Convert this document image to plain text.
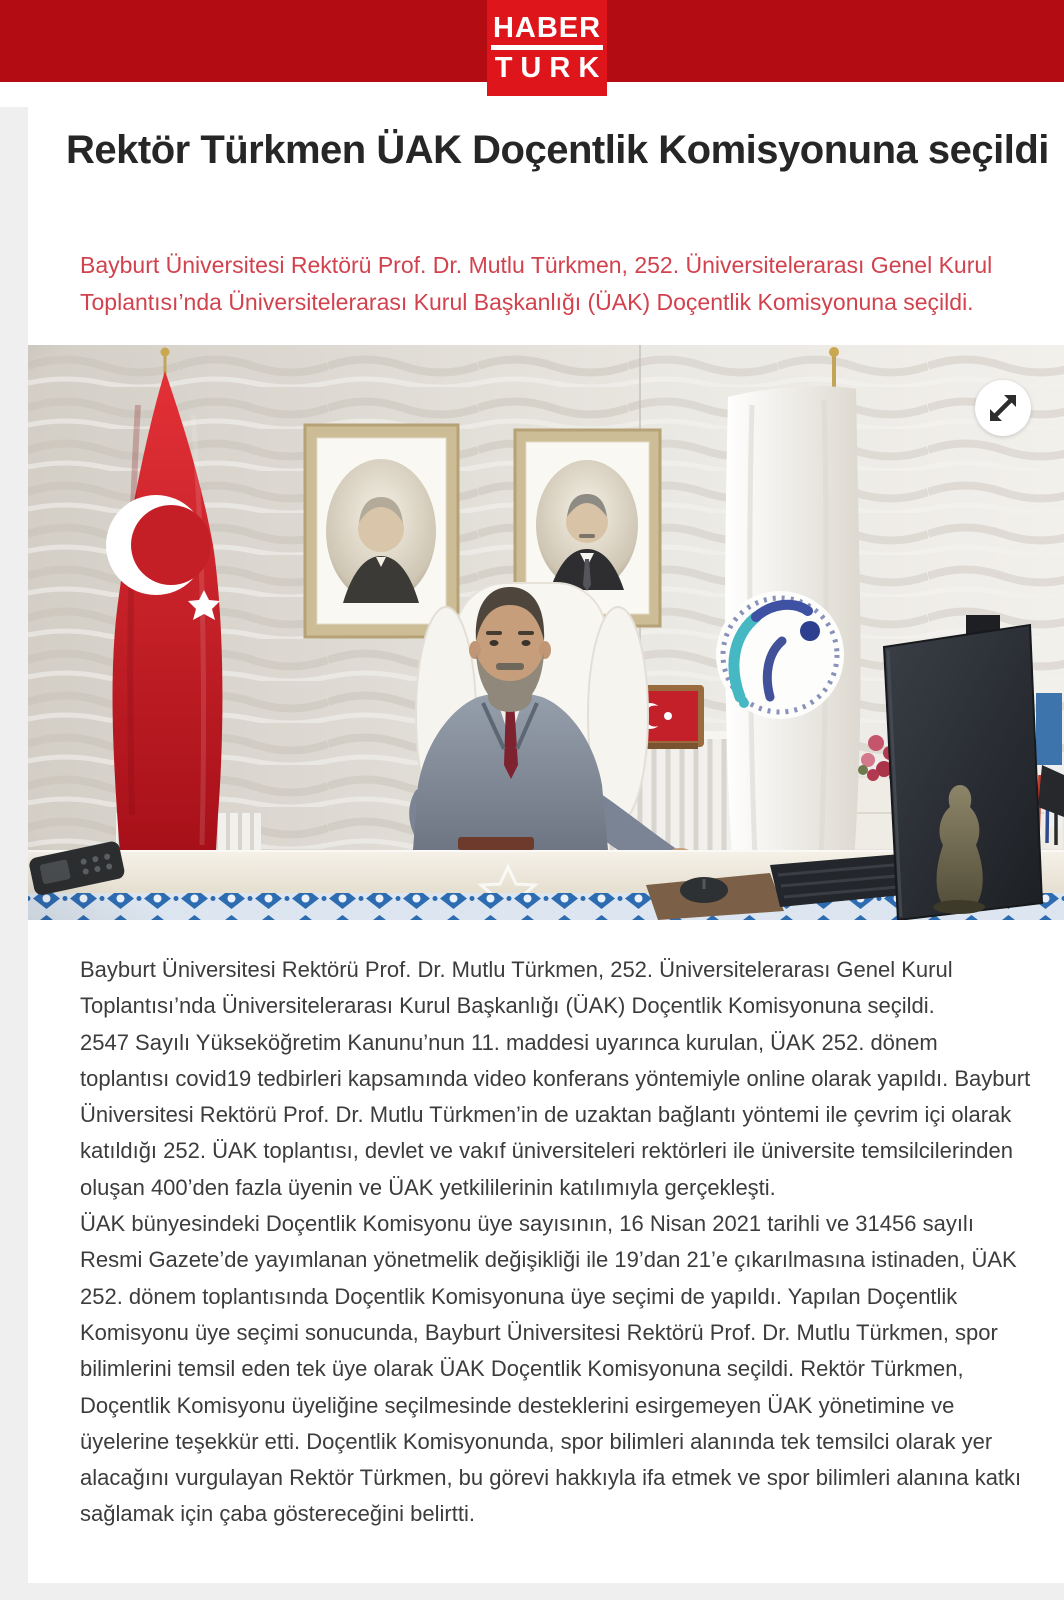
HABER
TURK
Rektör Türkmen ÜAK Doçentlik Komisyonuna seçildi

Bayburt Üniversitesi Rektörü Prof. Dr. Mutlu Türkmen, 252. Üniversitelerarası Genel Kurul Toplantısı’nda Üniversitelerarası Kurul Başkanlığı (ÜAK) Doçentlik Komisyonuna seçildi.

Bayburt Üniversitesi Rektörü Prof. Dr. Mutlu Türkmen, 252. Üniversitelerarası Genel Kurul Toplantısı’nda Üniversitelerarası Kurul Başkanlığı (ÜAK) Doçentlik Komisyonuna seçildi.

2547 Sayılı Yükseköğretim Kanunu’nun 11. maddesi uyarınca kurulan, ÜAK 252. dönem toplantısı covid19 tedbirleri kapsamında video konferans yöntemiyle online olarak yapıldı. Bayburt Üniversitesi Rektörü Prof. Dr. Mutlu Türkmen’in de uzaktan bağlantı yöntemi ile çevrim içi olarak katıldığı 252. ÜAK toplantısı, devlet ve vakıf üniversiteleri rektörleri ile üniversite temsilcilerinden oluşan 400’den fazla üyenin ve ÜAK yetkililerinin katılımıyla gerçekleşti.

ÜAK bünyesindeki Doçentlik Komisyonu üye sayısının, 16 Nisan 2021 tarihli ve 31456 sayılı Resmi Gazete’de yayımlanan yönetmelik değişikliği ile 19’dan 21’e çıkarılmasına istinaden, ÜAK 252. dönem toplantısında Doçentlik Komisyonuna üye seçimi de yapıldı. Yapılan Doçentlik Komisyonu üye seçimi sonucunda, Bayburt Üniversitesi Rektörü Prof. Dr. Mutlu Türkmen, spor bilimlerini temsil eden tek üye olarak ÜAK Doçentlik Komisyonuna seçildi. Rektör Türkmen, Doçentlik Komisyonu üyeliğine seçilmesinde desteklerini esirgemeyen ÜAK yönetimine ve üyelerine teşekkür etti. Doçentlik Komisyonunda, spor bilimleri alanında tek temsilci olarak yer alacağını vurgulayan Rektör Türkmen, bu görevi hakkıyla ifa etmek ve spor bilimleri alanına katkı sağlamak için çaba göstereceğini belirtti.
